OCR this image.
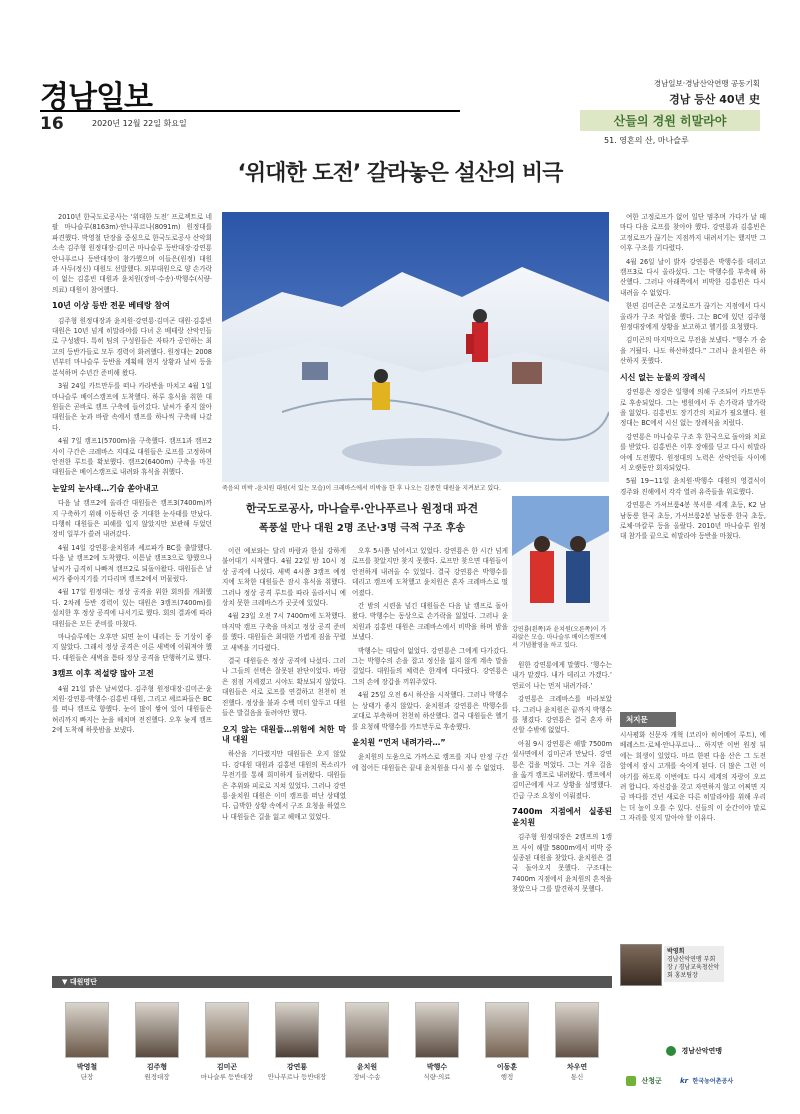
경남일보
16	2020년 12월 22일 화요일
경남일보·경남산악연맹 공동기획
경남 등산 40년 史
산들의 경원 히말라야
51. 영혼의 산, 마나슬루
‘위대한 도전’ 갈라놓은 설산의 비극

2010년 한국도로공사는 ‘위대한 도전’ 프로젝트로 네팔 마나슬루(8163m)·안나푸르나(8091m) 원정대를 파견했다. 박영철 단장을 중심으로 한국도로공사 산악회 소속 김주형 원정대장·김미곤 마나슬루 등반대장·강연룡 안나푸르나 등반대장이 참가했으며 이들은(원정) 대원과 사두(정신) 대원도 선발했다. 외부대원으로 양 손가락이 없는 김홍빈 대원과 윤치원(장비·수송)·박행수(식량·의료) 대원이 참여했다.

10년 이상 등반 전문 베테랑 참여

김주형 원정대장과 윤치원·강연룡·김미곤 대원·김홍빈 대원은 10년 넘게 히말라야를 다녀 온 베테랑 산악인들로 구성됐다. 특히 팀의 구성원들은 자타가 공인하는 최고의 등반가들로 모두 경력이 화려했다. 원정대는 2008년부터 마나슬루 등반을 계획해 현지 상황과 날씨 등을 분석하며 수년간 준비해 왔다.

3월 24일 카트만두를 떠나 카라반을 마치고 4월 1일 마나슬루 베이스캠프에 도착했다. 하루 휴식을 취한 대원들은 곧바로 캠프 구축에 들어갔다. 날씨가 좋지 않아 대원들은 눈과 바람 속에서 캠프를 하나씩 구축해 나갔다.

4월 7일 캠프1(5700m)을 구축했다. 캠프1과 캠프2 사이 구간은 크레바스 지대로 대원들은 로프를 고정하며 안전한 루트를 확보했다. 캠프2(6400m) 구축을 마친 대원들은 베이스캠프로 내려와 휴식을 취했다.

눈앞의 눈사태…기습 쏟아내고

다음 날 캠프2에 올라간 대원들은 캠프3(7400m)까지 구축하기 위해 이동하던 중 거대한 눈사태를 만났다. 다행히 대원들은 피해를 입지 않았지만 보관해 두었던 장비 일부가 쓸려 내려갔다.

4월 14일 강연룡·윤치원과 셰르파가 BC를 출발했다. 다음 날 캠프2에 도착했다. 이튿날 캠프3으로 향했으나 날씨가 급격히 나빠져 캠프2로 되돌아왔다. 대원들은 날씨가 좋아지기를 기다리며 캠프2에서 머물렀다.

4월 17일 원정대는 정상 공격을 위한 회의를 개최했다. 2차례 등반 경력이 있는 대원은 3캠프(7400m)를 설치한 후 정상 공격에 나서기로 했다. 회의 결과에 따라 대원들은 모든 준비를 마쳤다.

마나슬루에는 오후만 되면 눈이 내리는 등 기상이 좋지 않았다. 그래서 정상 공격은 이른 새벽에 이뤄져야 했다. 대원들은 새벽을 틈타 정상 공격을 단행하기로 했다.

3캠프 이후 적설량 많아 고전

4월 21일 맑은 날씨였다. 김주형 원정대장·김미곤·윤치원·강연룡·박행수·김홍빈 대원, 그리고 셰르파들은 BC를 떠나 캠프로 향했다. 눈이 많이 쌓여 있어 대원들은 허리까지 빠지는 눈을 헤치며 전진했다. 오후 늦게 캠프2에 도착해 하룻밤을 보냈다.

죽음의 비박 -윤치원 대원(서 있는 모습)이 크레바스에서 비박을 한 후 나오는 김종헌 대원을 지켜보고 있다.
한국도로공사, 마나슬루·안나푸르나 원정대 파견
폭풍설 만나 대원 2명 조난·3명 극적 구조 후송
강연룡(왼쪽)과 윤치원(오른쪽)이 가라앉은 모습. 마나슬루 베이스캠프에서 기념촬영을 하고 있다.

이런 예보와는 달리 바람과 한설 강하게 불어대기 시작했다. 4월 22일 밤 10시 정상 공격에 나섰다. 새벽 4시쯤 3캠프 예정지에 도착한 대원들은 잠시 휴식을 취했다. 그러나 정상 공격 루트를 따라 올라서니 예상치 못한 크레바스가 곳곳에 있었다.

4월 23일 오전 7시 7400m에 도착했다. 마지막 캠프 구축을 마치고 정상 공격 준비를 했다. 대원들은 최대한 가볍게 짐을 꾸렸고 새벽을 기다렸다.

결국 대원들은 정상 공격에 나섰다. 그러나 그들의 선택은 잘못된 판단이었다. 바람은 점점 거세졌고 시야도 확보되지 않았다. 대원들은 서로 로프를 연결하고 천천히 전진했다. 정상을 불과 수백 미터 앞두고 대원들은 발걸음을 돌려야만 했다.

오지 않는 대원들…위험에 처한 막내 대원

하산을 기다렸지만 대원들은 오지 않았다. 강대원 대원과 김홍빈 대원의 목소리가 무전기를 통해 희미하게 들려왔다. 대원들은 추위와 피로로 지쳐 있었다. 그러나 강연룡·윤치원 대원은 이미 캠프를 떠난 상태였다. 급박한 상황 속에서 구조 요청을 하였으나 대원들은 길을 잃고 헤매고 있었다.

오후 5시쯤 넘어서고 있었다. 강연룡은 한 시간 넘게 로프를 찾았지만 찾지 못했다. 로프만 찾으면 대원들이 안전하게 내려올 수 있었다. 결국 강연룡은 박행수를 데리고 캠프에 도착했고 윤치원은 혼자 크레바스로 떨어졌다.

간 밤의 시련을 넘긴 대원들은 다음 날 캠프로 돌아왔다. 박행수는 동상으로 손가락을 잃었다. 그러나 윤치원과 김홍빈 대원은 크레바스에서 비박을 하며 밤을 보냈다.

박행수는 대답이 없었다. 강연룡은 그에게 다가갔다. 그는 박행수의 손을 잡고 정신을 잃지 않게 계속 말을 걸었다. 대원들의 체력은 한계에 다다랐다. 강연룡은 그의 손에 장갑을 끼워주었다.

4월 25일 오전 6시 하산을 시작했다. 그러나 박행수는 상태가 좋지 않았다. 윤치원과 강연룡은 박행수를 교대로 부축하며 천천히 하산했다. 결국 대원들은 헬기를 요청해 박행수를 카트만두로 후송했다.

윤치원 “먼저 내려가라…”

윤치원의 도움으로 가까스로 캠프를 지나 안정 구간에 접어든 대원들은 끝내 윤치원을 다시 볼 수 없었다.

원한 강연룡에게 말했다. ‘행수는 내가 맡겠다. 내가 데리고 가겠다.’ 연료이 나는 먼저 내려가라.’

강연룡은 크레바스를 바라보았다. 그러나 윤치원은 끝까지 박행수를 챙겼다. 강연룡은 결국 혼자 하산할 수밖에 없었다.

아침 9시 강연룡은 해발 7500m 설사면에서 김미곤과 만났다. 강연룡은 겁을 먹었다. 그는 겨우 걸음을 옮겨 캠프로 내려왔다. 캠프에서 김미곤에게 사고 상황을 설명했다. 긴급 구조 요청이 이뤄졌다.

7400m 지점에서 실종된 윤치원

김주형 원정대장은 2캠프의 1캠프 사이 해발 5800m에서 비박 중 실종된 대원을 찾았다. 윤치원은 결국 돌아오지 못했다. 구조대는 7400m 지점에서 윤치원의 흔적을 찾았으나 그를 발견하지 못했다.

여한 고정로프가 없어 일단 멈추며 가다가 날 때마다 다음 로프를 찾아야 했다. 강연룡과 김홍빈은 고정로프가 끊기는 지점까지 내려서기는 했지만 그 이후 구조를 기다렸다.

4월 26일 날이 밝자 강연룡은 박행수를 데리고 캠프3로 다시 올라섰다. 그는 박행수를 부축해 하산했다. 그러나 아래쪽에서 비박한 김홍빈은 다시 내려올 수 없었다.

한편 김미곤은 고정로프가 끊기는 지점에서 다시 올라가 구조 작업을 했다. 그는 BC에 있던 김주형 원정대장에게 상황을 보고하고 헬기를 요청했다.

김미곤의 마지막으로 무전을 보냈다. “행수 가 숨을 거뒀다. 나도 하산하겠다.” 그러나 윤치원은 하산하지 못했다.

시신 없는 눈물의 장례식

강연룡은 정강은 일행에 의해 구조되어 카트만두로 후송되었다. 그는 병원에서 두 손가락과 발가락을 잃었다. 김홍빈도 장기간의 치료가 필요했다. 원정대는 BC에서 시신 없는 장례식을 치렀다.

강연룡은 마나슬루 구조 후 한국으로 돌아와 치료를 받았다. 김홍빈은 이후 장애를 딛고 다시 히말라야에 도전했다. 원정대의 노력은 산악인들 사이에서 오랫동안 회자되었다.

5월 19~11일 윤치원·박행수 대원의 영결식이 경주와 진해에서 각각 열려 유족들을 위로했다.

강연룡은 가셔브룸4봉 북서릉 세계 초등, K2 남남동릉 한국 초등, 가셔브룸2봉 남동릉 한국 초등, 로체·마칼루 등을 올랐다. 2010년 마나슬루 원정대 참가를 끝으로 히말라야 등반을 마쳤다.

처지문
시사평화 신문자 개혁 (코리아 히어메어 루트), 에베레스트·로체·안나푸르나… 하지만 이번 원정 뒤에는 희생이 있었다. 마르 한편 다음 산은 그 도전 앞에서 잠시 고개를 숙이게 된다. 더 많은 그런 이야기를 하도록 이번에도 다시 세계의 자랑이 오르려 합니다. 자신감을 갖고 자연하지 않고 어쩌면 지금 바다를 건넌 새로운 다른 히말라야를 위해 우리는 더 높이 오를 수 있다. 신들의 이 순간이야 말로 그 자리를 잊지 말아야 할 이유다.
박영희
경남산악연맹 부회장 / 경남교육청산악회 홍보팀장
▼ 대원명단
박영철
단장
김주형
원정대장
김미곤
마나슬루 등반대장
강연룡
안나푸르나 등반대장
윤치원
장비·수송
박행수
식량·의료
이동훈
행정
차우연
통신
경남산악연맹
산청군	kr 한국농어촌공사
